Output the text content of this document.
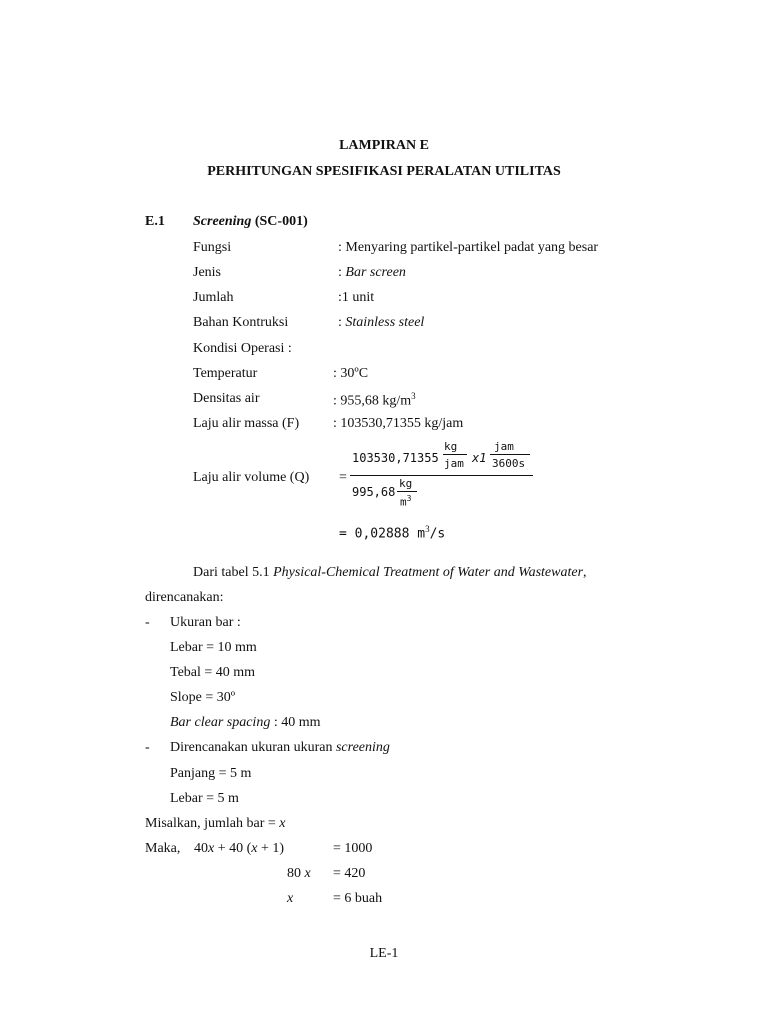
LAMPIRAN E
PERHITUNGAN SPESIFIKASI PERALATAN UTILITAS
E.1 Screening (SC-001)
Fungsi	: Menyaring partikel-partikel padat yang besar
Jenis	: Bar screen
Jumlah	:1 unit
Bahan Kontruksi	: Stainless steel
Kondisi Operasi :
Temperatur	: 30ºC
Densitas air	: 955,68 $kg/m^3$
Laju alir massa (F) : 103530,71355 kg/jam
Laju alir volume (Q) =
103530,71355
kg
jam x1
jam
3600s
995,68
kg
$m^3$
= 0,02888 $m^3/s$
Dari tabel 5.1 Physical-Chemical Treatment of Water and Wastewater,
direncanakan:
- Ukuran bar :
Lebar = 10 mm
Tebal = 40 mm
Slope = 30º
Bar clear spacing : 40 mm
- Direncanakan ukuran ukuran screening
Panjang = 5 m
Lebar = 5 m
Misalkan, jumlah bar = x
Maka, 40x + 40 (x + 1)	= 1000
80 x = 420
x	= 6 buah
LE-1
